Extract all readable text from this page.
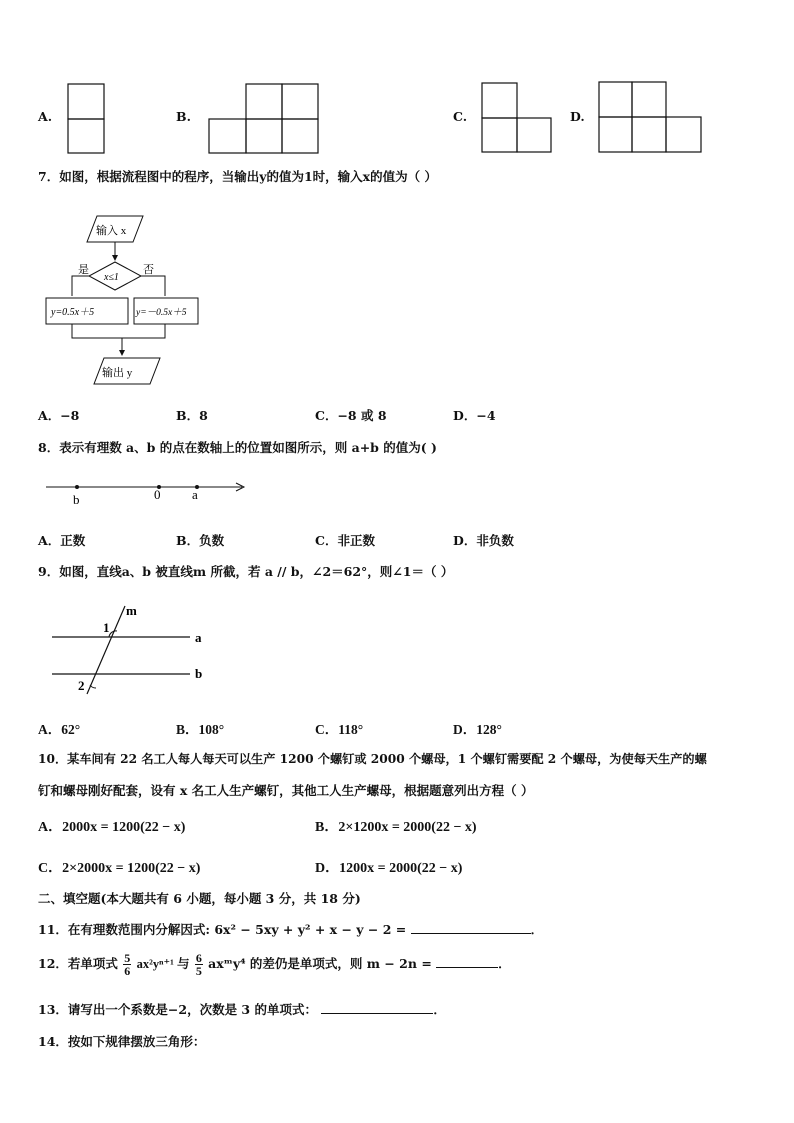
A.	B.	C.	D.
7．如图，根据流程图中的程序，当输出y的值为1时，输入x的值为（ ）
输入 x
x≤1
是	否
y=0.5x＋5	y=－0.5x＋5
输出 y
A．−8	B．8	C．−8 或 8	D．−4
8．表示有理数 a、b 的点在数轴上的位置如图所示，则 a+b 的值为( )
b	0 a
A．正数	B．负数	C．非正数	D．非负数
9．如图，直线a、b 被直线m 所截，若 a // b，∠2＝62°，则∠1＝（ ）
m
a
b
1
2
A．62°	B．108°	C．118°	D．128°
10．某车间有 22 名工人每人每天可以生产 1200 个螺钉或 2000 个螺母，1 个螺钉需要配 2 个螺母，为使每天生产的螺
钉和螺母刚好配套，设有 x 名工人生产螺钉，其他工人生产螺母，根据题意列出方程（ ）
A．2000x = 1200(22 − x)	B．2×1200x = 2000(22 − x)
C．2×2000x = 1200(22 − x)	D．1200x = 2000(22 − x)
二、填空题(本大题共有 6 小题，每小题 3 分，共 18 分)
11．在有理数范围内分解因式: 6x² − 5xy + y² + x − y − 2 =	．
12．若单项式 $\frac{5}{6} ax^2y^{n+1}$ 与 $\frac{6}{5}$ axᵐy⁴ 的差仍是单项式，则 m − 2n =	．
13．请写出一个系数是−2，次数是 3 的单项式：	．
14．按如下规律摆放三角形：
